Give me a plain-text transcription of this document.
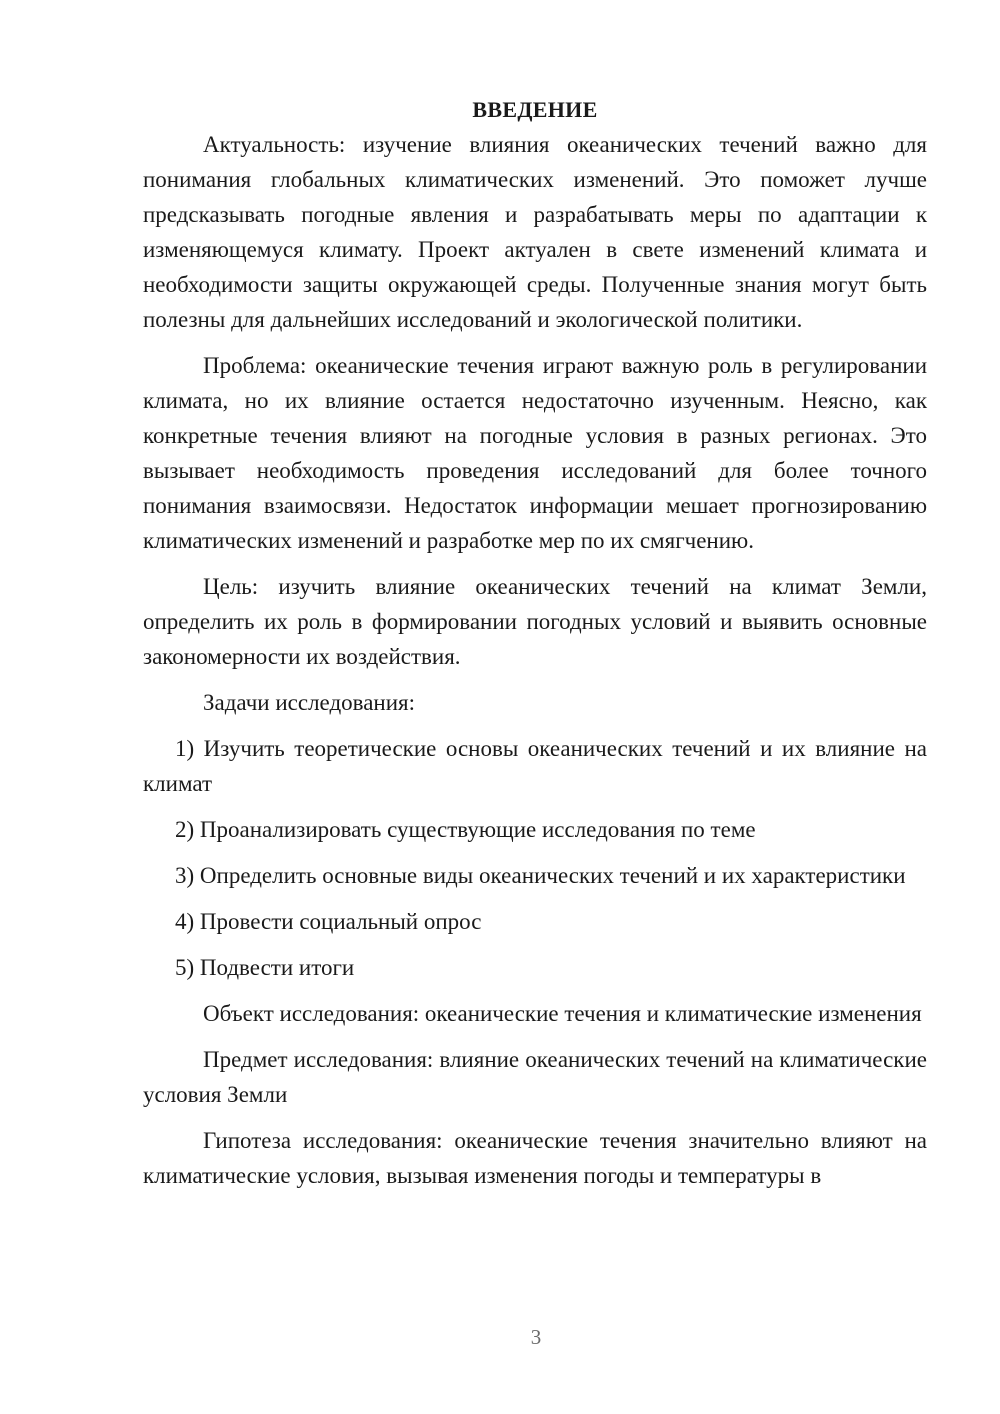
ВВЕДЕНИЕ

Актуальность: изучение влияния океанических течений важно для понимания глобальных климатических изменений. Это поможет лучше предсказывать погодные явления и разрабатывать меры по адаптации к изменяющемуся климату. Проект актуален в свете изменений климата и необходимости защиты окружающей среды. Полученные знания могут быть полезны для дальнейших исследований и экологической политики.

Проблема: океанические течения играют важную роль в регулировании климата, но их влияние остается недостаточно изученным. Неясно, как конкретные течения влияют на погодные условия в разных регионах. Это вызывает необходимость проведения исследований для более точного понимания взаимосвязи. Недостаток информации мешает прогнозированию климатических изменений и разработке мер по их смягчению.

Цель: изучить влияние океанических течений на климат Земли, определить их роль в формировании погодных условий и выявить основные закономерности их воздействия.

Задачи исследования:

1) Изучить теоретические основы океанических течений и их влияние на климат

2) Проанализировать существующие исследования по теме

3) Определить основные виды океанических течений и их характеристики

4) Провести социальный опрос

5) Подвести итоги

Объект исследования: океанические течения и климатические изменения

Предмет исследования: влияние океанических течений на климатические условия Земли

Гипотеза исследования: океанические течения значительно влияют на климатические условия, вызывая изменения погоды и температуры в

3
